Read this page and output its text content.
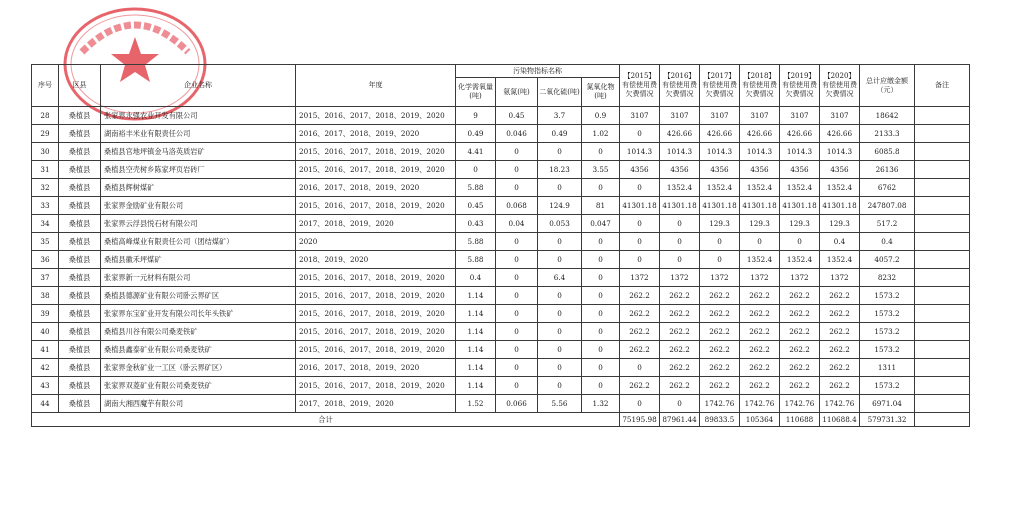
序号	区县	企业名称	年度	污染物指标名称				【2015】有偿使用费欠费情况	【2016】有偿使用费欠费情况	【2017】有偿使用费欠费情况	【2018】有偿使用费欠费情况	【2019】有偿使用费欠费情况	【2020】有偿使用费欠费情况	总计应缴金额（元）	备注
				化学需氧量(吨)	氨氮(吨)	二氧化硫(吨)	氮氧化物(吨)								
28	桑植县	张家界永强农业开发有限公司	2015、2016、2017、2018、2019、2020	9	0.45	3.7	0.9	3107	3107	3107	3107	3107	3107	18642	
29	桑植县	湖南裕丰米业有限责任公司	2016、2017、2018、2019、2020	0.49	0.046	0.49	1.02	0	426.66	426.66	426.66	426.66	426.66	2133.3	
30	桑植县	桑植县官地坪镇金马洛英质岩矿	2015、2016、2017、2018、2019、2020	4.41	0	0	0	1014.3	1014.3	1014.3	1014.3	1014.3	1014.3	6085.8	
31	桑植县	桑植县空壳树乡陈家坪页岩砖厂	2015、2016、2017、2018、2019、2020	0	0	18.23	3.55	4356	4356	4356	4356	4356	4356	26136	
32	桑植县	桑植县辉树煤矿	2016、2017、2018、2019、2020	5.88	0	0	0	0	1352.4	1352.4	1352.4	1352.4	1352.4	6762	
33	桑植县	张家界金励矿业有限公司	2015、2016、2017、2018、2019、2020	0.45	0.068	124.9	81	41301.18	41301.18	41301.18	41301.18	41301.18	41301.18	247807.08	
34	桑植县	张家界云浮县悦石材有限公司	2017、2018、2019、2020	0.43	0.04	0.053	0.047	0	0	129.3	129.3	129.3	129.3	517.2	
35	桑植县	桑植高峰煤业有限责任公司（团结煤矿）	2020	5.88	0	0	0	0	0	0	0	0	0.4	0.4	
36	桑植县	桑植县徽禾坪煤矿	2018、2019、2020	5.88	0	0	0	0	0	0	1352.4	1352.4	1352.4	4057.2	
37	桑植县	张家界新一元材料有限公司	2015、2016、2017、2018、2019、2020	0.4	0	6.4	0	1372	1372	1372	1372	1372	1372	8232	
38	桑植县	桑植县德源矿业有限公司卧云界矿区	2015、2016、2017、2018、2019、2020	1.14	0	0	0	262.2	262.2	262.2	262.2	262.2	262.2	1573.2	
39	桑植县	张家界东宝矿业开发有限公司长年头铁矿	2015、2016、2017、2018、2019、2020	1.14	0	0	0	262.2	262.2	262.2	262.2	262.2	262.2	1573.2	
40	桑植县	桑植县川谷有限公司桑麦铁矿	2015、2016、2017、2018、2019、2020	1.14	0	0	0	262.2	262.2	262.2	262.2	262.2	262.2	1573.2	
41	桑植县	桑植县鑫泰矿业有限公司桑麦铁矿	2015、2016、2017、2018、2019、2020	1.14	0	0	0	262.2	262.2	262.2	262.2	262.2	262.2	1573.2	
42	桑植县	张家界金秋矿业一工区（卧云界矿区）	2016、2017、2018、2019、2020	1.14	0	0	0	0	262.2	262.2	262.2	262.2	262.2	1311	
43	桑植县	张家界双菱矿业有限公司桑麦铁矿	2015、2016、2017、2018、2019、2020	1.14	0	0	0	262.2	262.2	262.2	262.2	262.2	262.2	1573.2	
44	桑植县	湖南大湘西魔芋有限公司	2017、2018、2019、2020	1.52	0.066	5.56	1.32	0	0	1742.76	1742.76	1742.76	1742.76	6971.04	
合计								75195.98	87961.44	89833.5	105364	110688	110688.4	579731.32	
